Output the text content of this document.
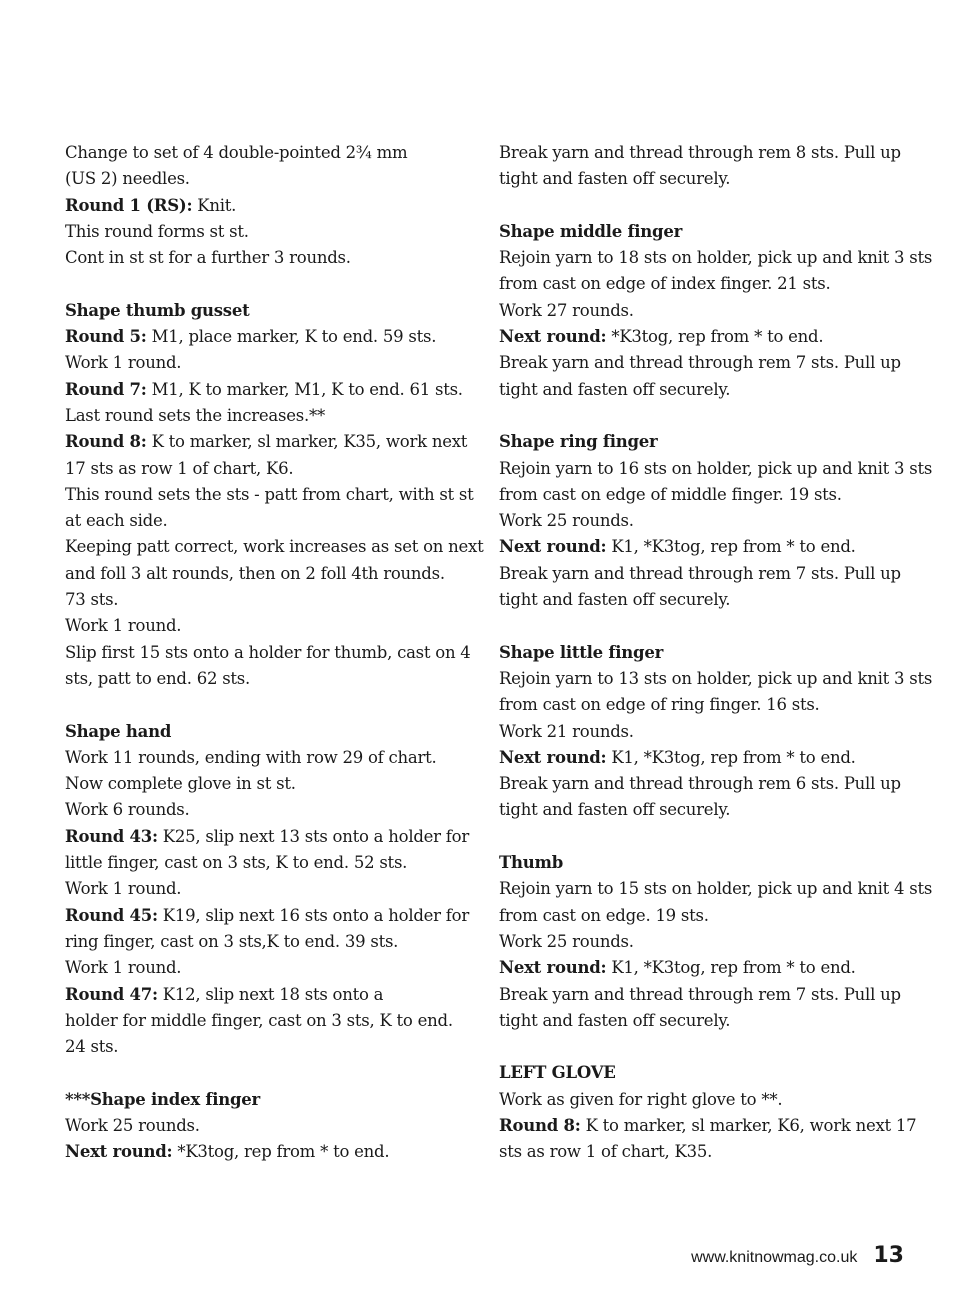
Change to set of 4 double-pointed 2¾ mm
(US 2) needles.
Round 1 (RS): Knit.
This round forms st st.
Cont in st st for a further 3 rounds.
Shape thumb gusset
Round 5: M1, place marker, K to end. 59 sts.
Work 1 round.
Round 7: M1, K to marker, M1, K to end. 61 sts.
Last round sets the increases.**
Round 8: K to marker, sl marker, K35, work next
17 sts as row 1 of chart, K6.
This round sets the sts - patt from chart, with st st
at each side.
Keeping patt correct, work increases as set on next
and foll 3 alt rounds, then on 2 foll 4th rounds.
73 sts.
Work 1 round.
Slip first 15 sts onto a holder for thumb, cast on 4
sts, patt to end. 62 sts.
Shape hand
Work 11 rounds, ending with row 29 of chart.
Now complete glove in st st.
Work 6 rounds.
Round 43: K25, slip next 13 sts onto a holder for
little finger, cast on 3 sts, K to end. 52 sts.
Work 1 round.
Round 45: K19, slip next 16 sts onto a holder for
ring finger, cast on 3 sts,K to end. 39 sts.
Work 1 round.
Round 47: K12, slip next 18 sts onto a
holder for middle finger, cast on 3 sts, K to end.
24 sts.
***Shape index finger
Work 25 rounds.
Next round: *K3tog, rep from * to end.
Break yarn and thread through rem 8 sts. Pull up
tight and fasten off securely.
Shape middle finger
Rejoin yarn to 18 sts on holder, pick up and knit 3 sts
from cast on edge of index finger. 21 sts.
Work 27 rounds.
Next round: *K3tog, rep from * to end.
Break yarn and thread through rem 7 sts. Pull up
tight and fasten off securely.
Shape ring finger
Rejoin yarn to 16 sts on holder, pick up and knit 3 sts
from cast on edge of middle finger. 19 sts.
Work 25 rounds.
Next round: K1, *K3tog, rep from * to end.
Break yarn and thread through rem 7 sts. Pull up
tight and fasten off securely.
Shape little finger
Rejoin yarn to 13 sts on holder, pick up and knit 3 sts
from cast on edge of ring finger. 16 sts.
Work 21 rounds.
Next round: K1, *K3tog, rep from * to end.
Break yarn and thread through rem 6 sts. Pull up
tight and fasten off securely.
Thumb
Rejoin yarn to 15 sts on holder, pick up and knit 4 sts
from cast on edge. 19 sts.
Work 25 rounds.
Next round: K1, *K3tog, rep from * to end.
Break yarn and thread through rem 7 sts. Pull up
tight and fasten off securely.
LEFT GLOVE
Work as given for right glove to **.
Round 8: K to marker, sl marker, K6, work next 17
sts as row 1 of chart, K35.
www.knitnowmag.co.uk 13
